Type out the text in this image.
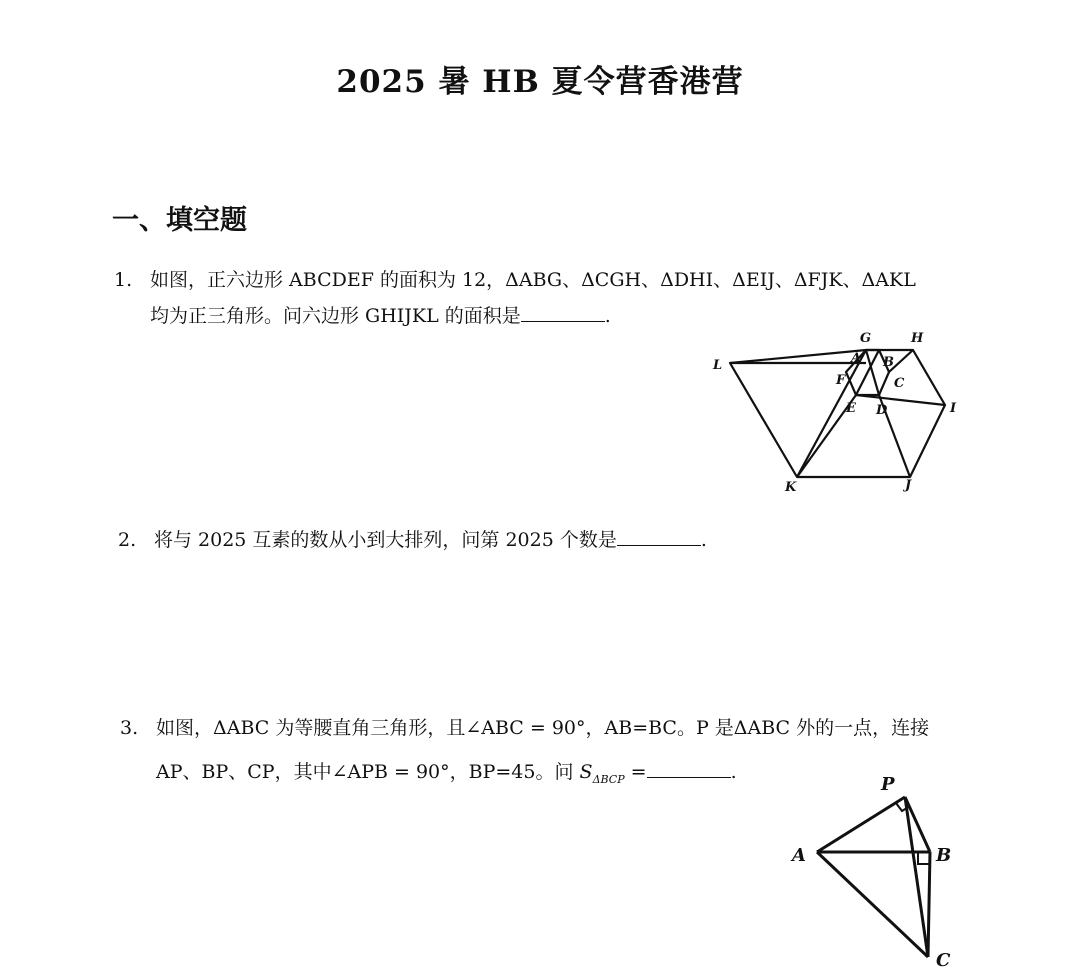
2025 暑 HB 夏令营香港营
一、填空题
1. 如图，正六边形 ABCDEF 的面积为 12，ΔABG、ΔCGH、ΔDHI、ΔEIJ、ΔFJK、ΔAKL
均为正三角形。问六边形 GHIJKL 的面积是	.
G	H
A B
L
F	C
E D	I
K	J
2. 将与 2025 互素的数从小到大排列，问第 2025 个数是	.
3. 如图，ΔABC 为等腰直角三角形，且∠ABC = 90°，AB=BC。P 是ΔABC 外的一点，连接
AP、BP、CP，其中∠APB = 90°，BP=45。问 $S_{\Delta BCP}$ =	.
P
A	B
C
